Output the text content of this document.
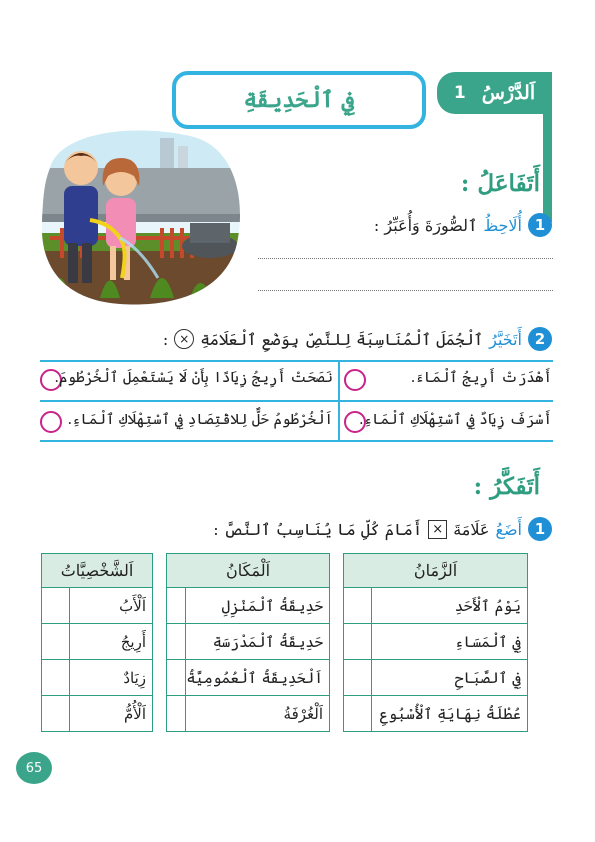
اَلدَّرْسُ
1
فِي ٱلْحَدِيقَةِ
أَتَفَاعَلُ :
1
أُلَاحِظُ
ٱلصُّورَةَ وَأُعَبِّرُ :
2
أَتَخَيَّرُ
ٱلْجُمَلَ ٱلْمُنَاسِبَةَ لِلنَّصِّ بِوَضْعِ ٱلْعَلَامَةِ
×
:
أَهْدَرَتْ أَرِيجُ ٱلْمَاءَ.
نَصَحَتْ أَرِيجُ زِيَادًا بِأَنْ لَا يَسْتَعْمِلَ ٱلْخُرْطُومَ.
أَسْرَفَ زِيَادٌ فِي ٱسْتِهْلَاكِ ٱلْمَاءِ.
اَلْخُرْطُومُ حَلٌّ لِلاقْتِصَادِ فِي ٱسْتِهْلَاكِ ٱلْمَاءِ.
أَتَفَكَّرُ :
1
أَضَعُ
عَلَامَةَ
×
أَمَامَ كُلِّ مَا يُنَاسِبُ ٱلنَّصَّ :
اَلزَّمَانُ	
	يَوْمُ ٱلْأَحَدِ
	فِي ٱلْمَسَاءِ
	فِي ٱلصَّبَاحِ
	عُطْلَةُ نِهَايَةِ ٱلْأُسْبُوعِ
اَلْمَكَانُ	
	حَدِيقَةُ ٱلْمَنْزِلِ
	حَدِيقَةُ ٱلْمَدْرَسَةِ
	اَلْحَدِيقَةُ ٱلْعُمُومِيَّةُ
	اَلْغُرْفَةُ
اَلشَّخْصِيَّاتُ	
	اَلْأَبُ
	أَرِيجُ
	زِيَادٌ
	اَلْأُمُّ
65
